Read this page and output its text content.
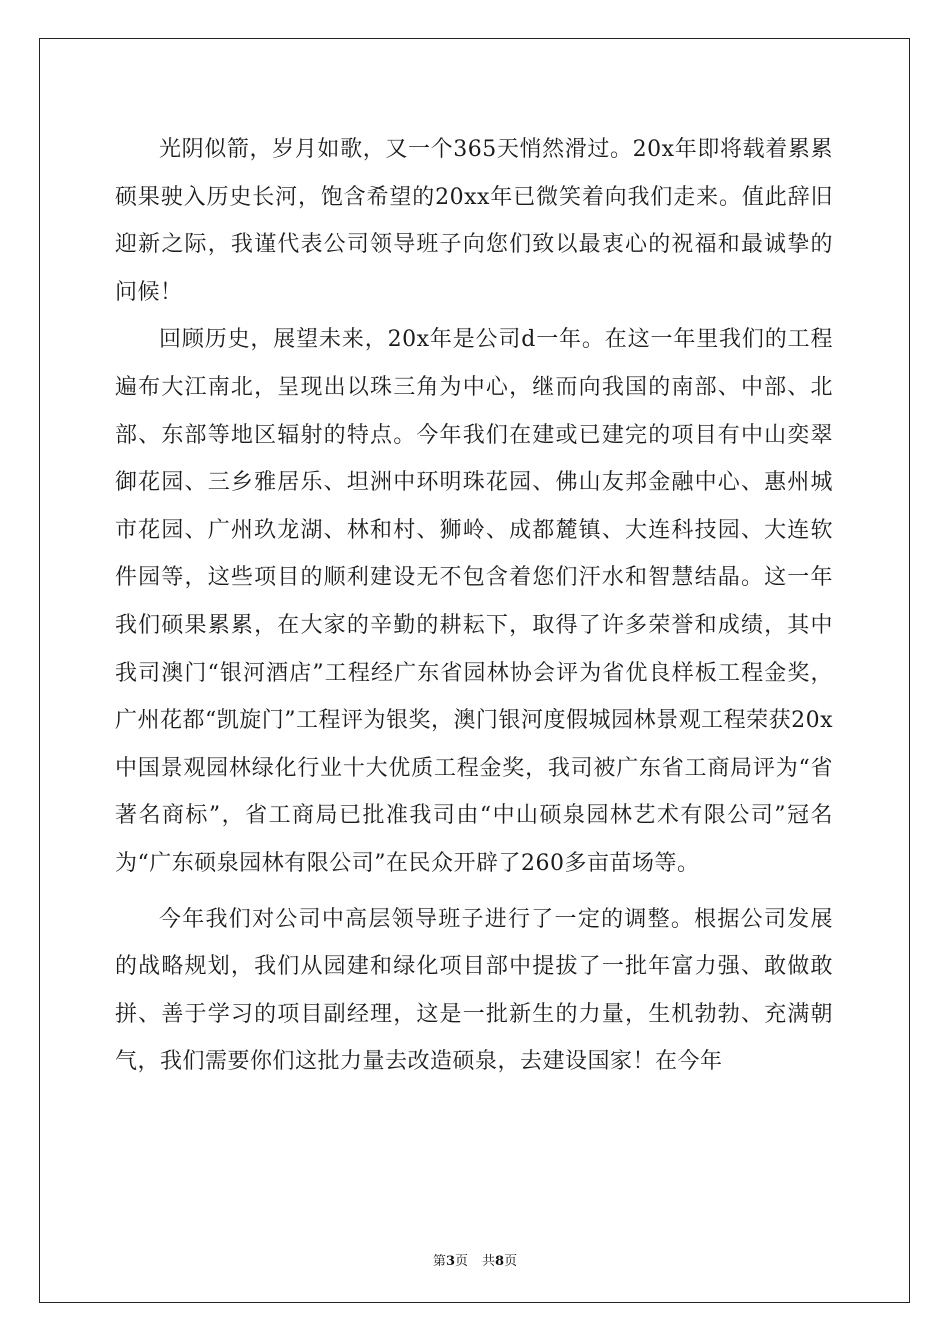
光阴似箭，岁月如歌，又一个365天悄然滑过。20x年即将载着累累硕果驶入历史长河，饱含希望的20xx年已微笑着向我们走来。值此辞旧迎新之际，我谨代表公司领导班子向您们致以最衷心的祝福和最诚挚的问候！

回顾历史，展望未来，20x年是公司d一年。在这一年里我们的工程遍布大江南北，呈现出以珠三角为中心，继而向我国的南部、中部、北部、东部等地区辐射的特点。今年我们在建或已建完的项目有中山奕翠御花园、三乡雅居乐、坦洲中环明珠花园、佛山友邦金融中心、惠州城市花园、广州玖龙湖、林和村、狮岭、成都麓镇、大连科技园、大连软件园等，这些项目的顺利建设无不包含着您们汗水和智慧结晶。这一年我们硕果累累，在大家的辛勤的耕耘下，取得了许多荣誉和成绩，其中我司澳门“银河酒店”工程经广东省园林协会评为省优良样板工程金奖，广州花都“凯旋门”工程评为银奖，澳门银河度假城园林景观工程荣获20x中国景观园林绿化行业十大优质工程金奖，我司被广东省工商局评为“省著名商标”，省工商局已批准我司由“中山硕泉园林艺术有限公司”冠名为“广东硕泉园林有限公司”在民众开辟了260多亩苗场等。

今年我们对公司中高层领导班子进行了一定的调整。根据公司发展的战略规划，我们从园建和绿化项目部中提拔了一批年富力强、敢做敢拼、善于学习的项目副经理，这是一批新生的力量，生机勃勃、充满朝气，我们需要你们这批力量去改造硕泉，去建设国家！在今年

第3页 共8页
